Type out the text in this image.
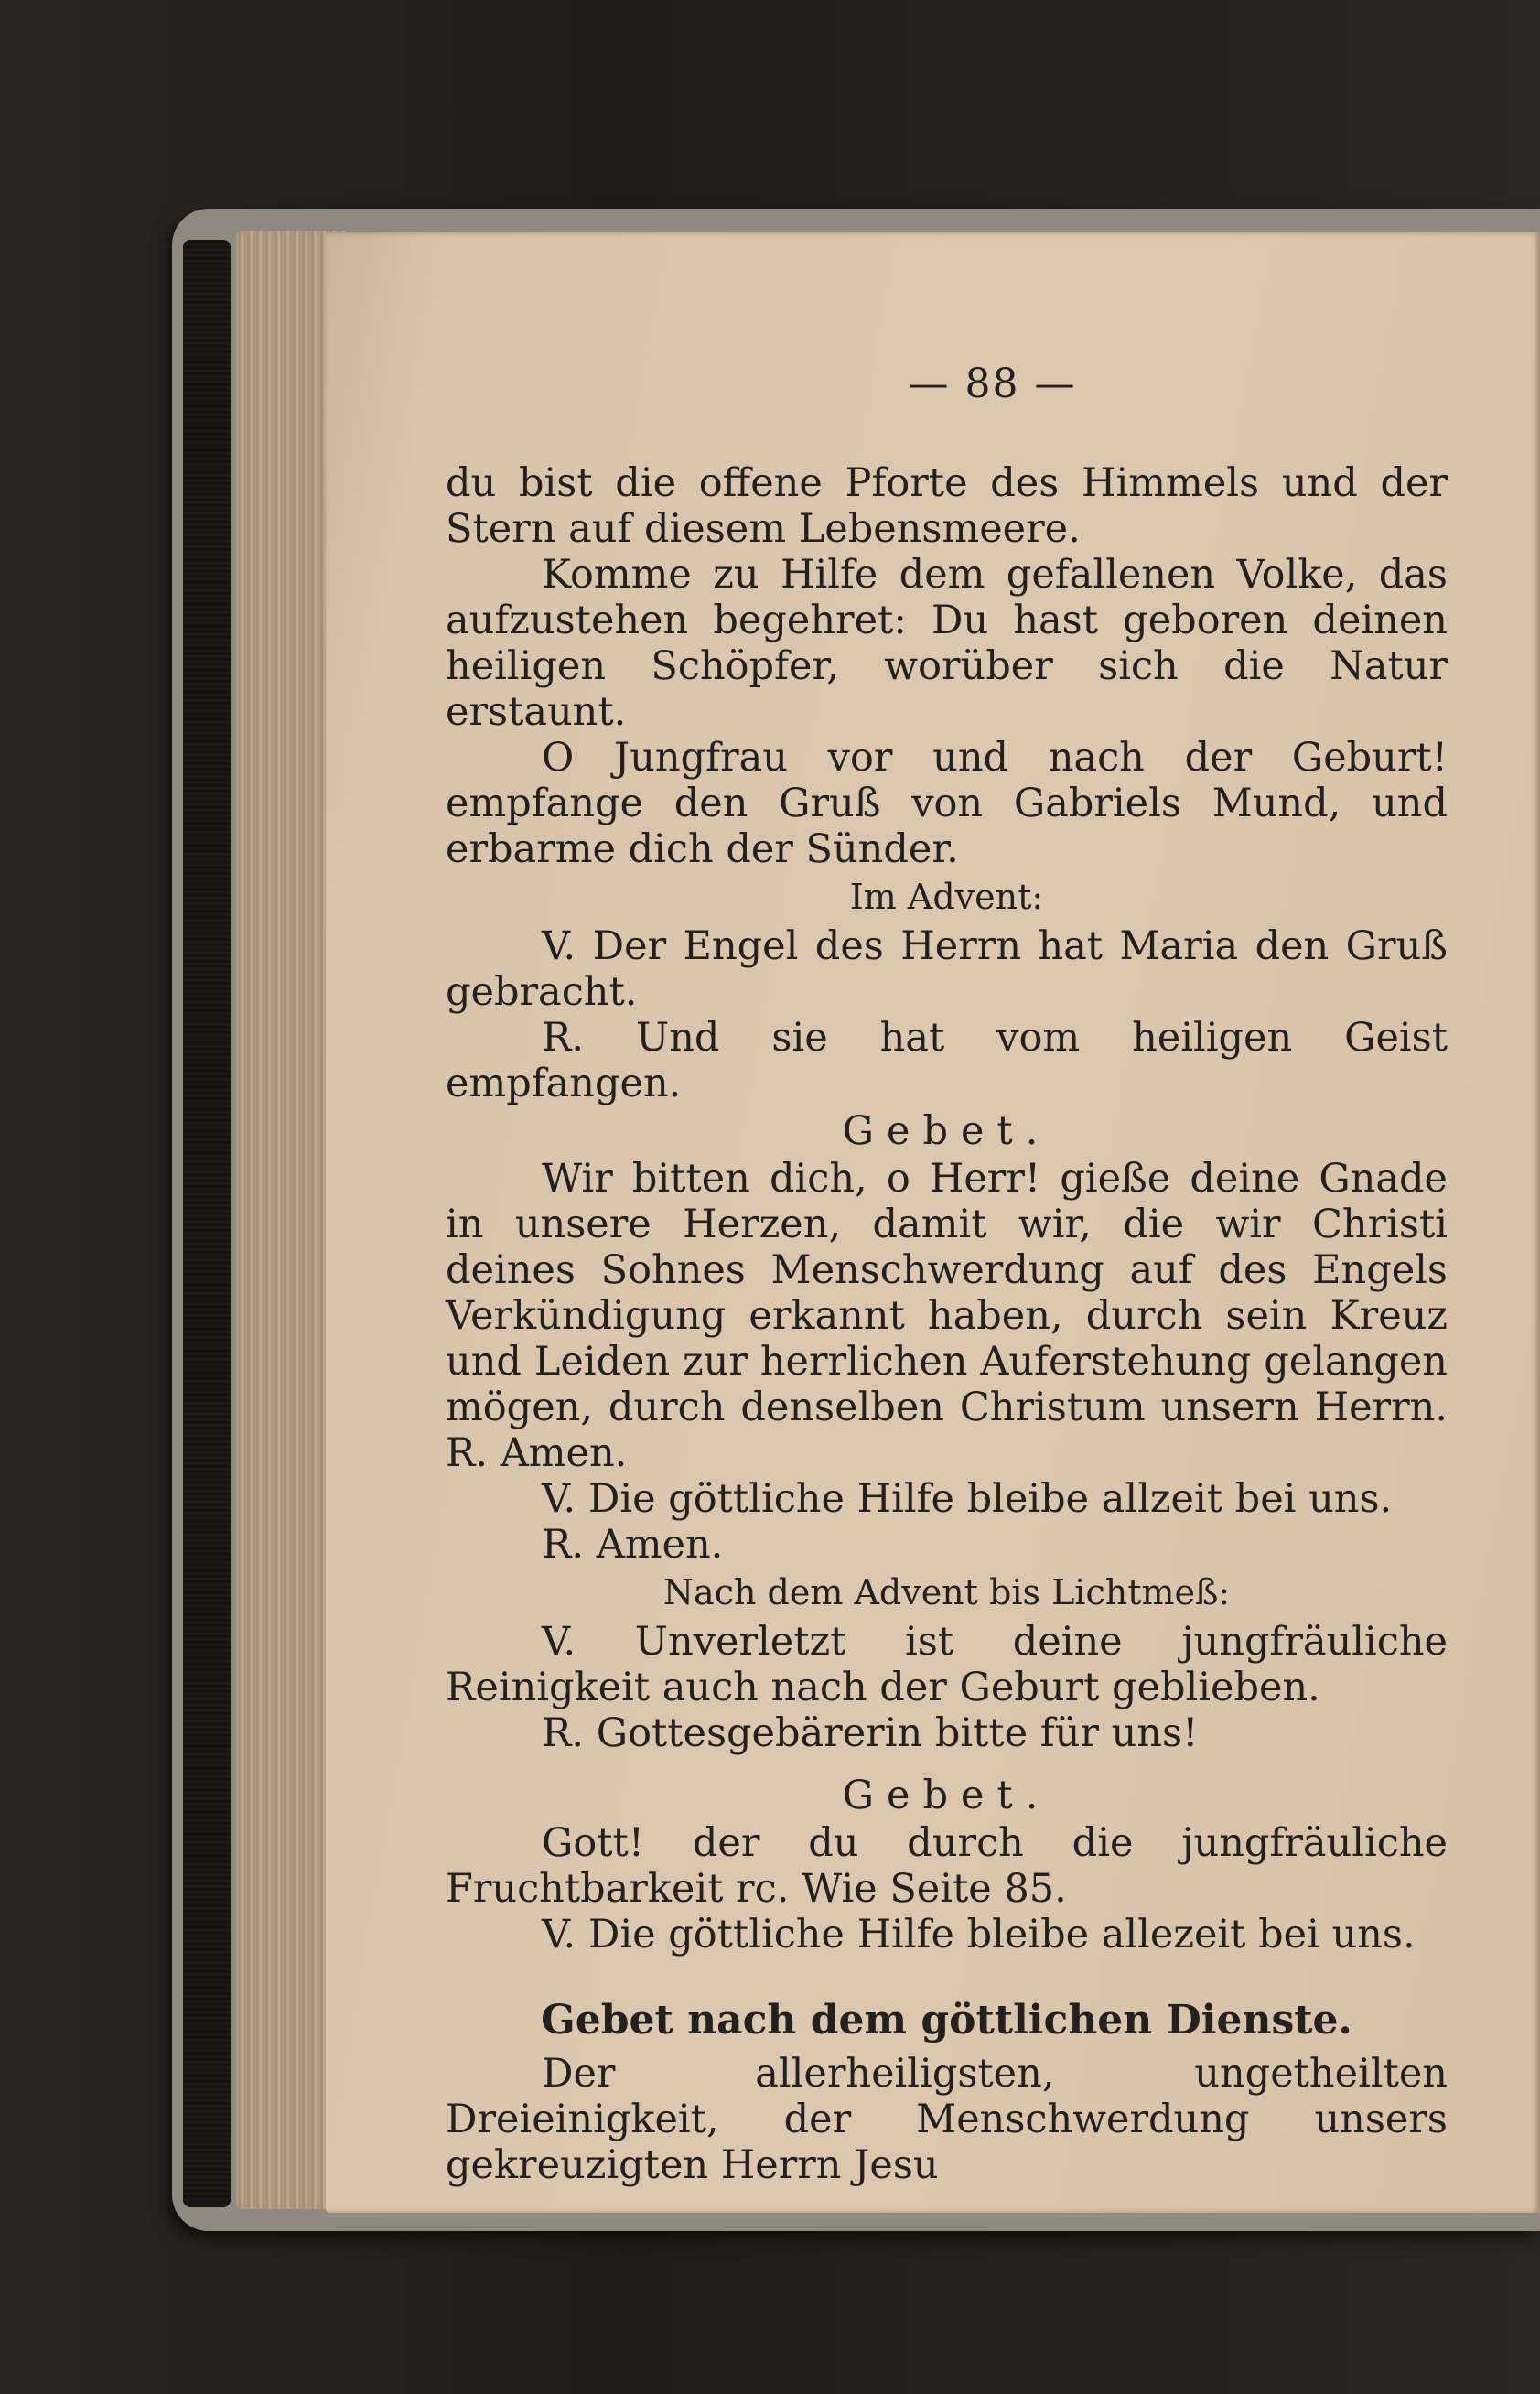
— 88 —

du bist die offene Pforte des Himmels und der Stern auf diesem Lebensmeere.

Komme zu Hilfe dem gefallenen Volke, das aufzustehen begehret: Du hast geboren deinen heiligen Schöpfer, worüber sich die Natur erstaunt.

O Jungfrau vor und nach der Geburt! empfange den Gruß von Gabriels Mund, und erbarme dich der Sünder.

Im Advent:

V. Der Engel des Herrn hat Maria den Gruß gebracht.

R. Und sie hat vom heiligen Geist empfangen.

Gebet.

Wir bitten dich, o Herr! gieße deine Gnade in unsere Herzen, damit wir, die wir Christi deines Sohnes Menschwerdung auf des Engels Verkündigung erkannt haben, durch sein Kreuz und Leiden zur herrlichen Auferstehung gelangen mögen, durch denselben Christum unsern Herrn. R. Amen.

V. Die göttliche Hilfe bleibe allzeit bei uns.

R. Amen.

Nach dem Advent bis Lichtmeß:

V. Unverletzt ist deine jungfräuliche Reinigkeit auch nach der Geburt geblieben.

R. Gottesgebärerin bitte für uns!

Gebet.

Gott! der du durch die jungfräuliche Fruchtbarkeit rc. Wie Seite 85.

V. Die göttliche Hilfe bleibe allezeit bei uns.

Gebet nach dem göttlichen Dienste.

Der allerheiligsten, ungetheilten Dreieinigkeit, der Menschwerdung unsers gekreuzigten Herrn Jesu
